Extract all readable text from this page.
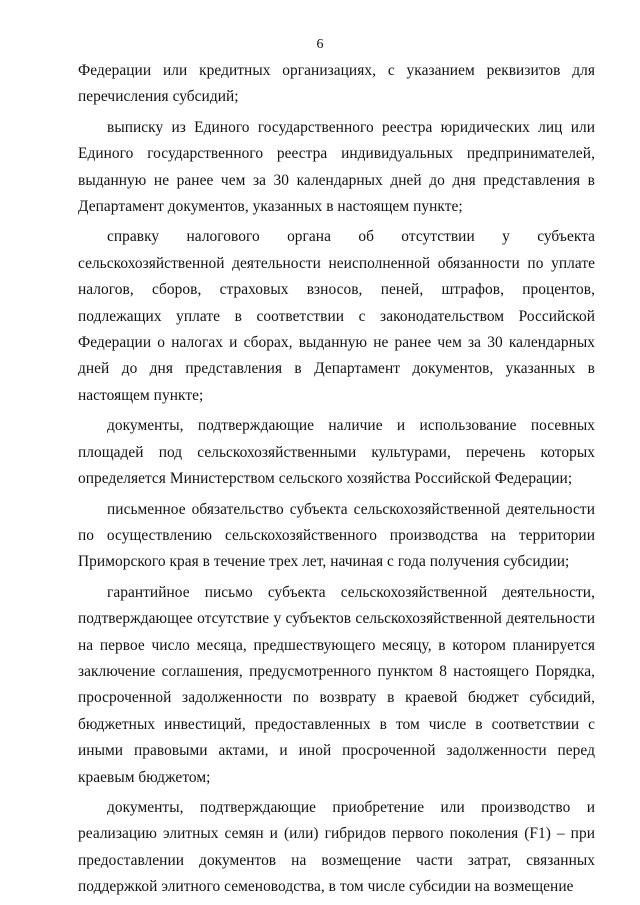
6

Федерации или кредитных организациях, с указанием реквизитов для перечисления субсидий;

выписку из Единого государственного реестра юридических лиц или Единого государственного реестра индивидуальных предпринимателей, выданную не ранее чем за 30 календарных дней до дня представления в Департамент документов, указанных в настоящем пункте;

справку налогового органа об отсутствии у субъекта сельскохозяйственной деятельности неисполненной обязанности по уплате налогов, сборов, страховых взносов, пеней, штрафов, процентов, подлежащих уплате в соответствии с законодательством Российской Федерации о налогах и сборах, выданную не ранее чем за 30 календарных дней до дня представления в Департамент документов, указанных в настоящем пункте;

документы, подтверждающие наличие и использование посевных площадей под сельскохозяйственными культурами, перечень которых определяется Министерством сельского хозяйства Российской Федерации;

письменное обязательство субъекта сельскохозяйственной деятельности по осуществлению сельскохозяйственного производства на территории Приморского края в течение трех лет, начиная с года получения субсидии;

гарантийное письмо субъекта сельскохозяйственной деятельности, подтверждающее отсутствие у субъектов сельскохозяйственной деятельности на первое число месяца, предшествующего месяцу, в котором планируется заключение соглашения, предусмотренного пунктом 8 настоящего Порядка, просроченной задолженности по возврату в краевой бюджет субсидий, бюджетных инвестиций, предоставленных в том числе в соответствии с иными правовыми актами, и иной просроченной задолженности перед краевым бюджетом;

документы, подтверждающие приобретение или производство и реализацию элитных семян и (или) гибридов первого поколения (F1) – при предоставлении документов на возмещение части затрат, связанных поддержкой элитного семеноводства, в том числе субсидии на возмещение
